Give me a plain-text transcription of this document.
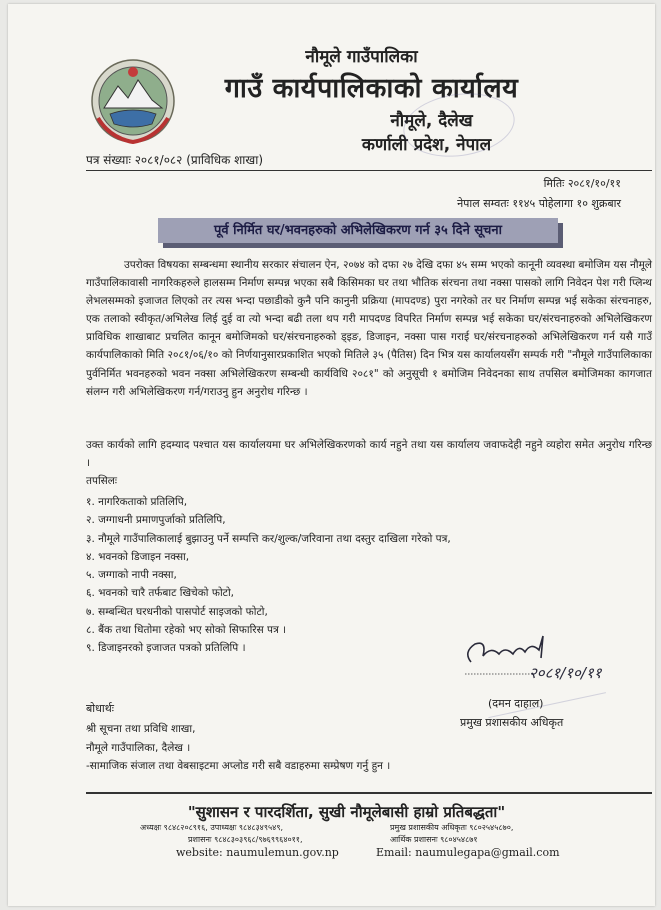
नौमूले गाउँपालिका
गाउँ कार्यपालिकाको कार्यालय
नौमूले, दैलेख
कर्णाली प्रदेश, नेपाल
पत्र संख्याः २०८१/०८२ (प्राविधिक शाखा)
मितिः २०८१/१०/११
नेपाल सम्वतः ११४५ पोहेलागा १० शुक्रबार
पूर्व निर्मित घर/भवनहरुको अभिलेखिकरण गर्न ३५ दिने सूचना
उपरोक्त विषयका सम्बन्धमा स्थानीय सरकार संचालन ऐन, २०७४ को दफा २७ देखि दफा ४५ सम्म भएको कानूनी व्यवस्था बमोजिम यस नौमूले गाउँपालिकावासी नागरिकहरुले हालसम्म निर्माण सम्पन्न भएका सबै किसिमका घर तथा भौतिक संरचना तथा नक्सा पासको लागि निवेदन पेश गरी प्लिन्थ लेभलसम्मको इजाजत लिएको तर त्यस भन्दा पछाडीको कुनै पनि कानुनी प्रक्रिया (मापदण्ड) पुरा नगरेको तर घर निर्माण सम्पन्न भई सकेका संरचनाहरु, एक तलाको स्वीकृत/अभिलेख लिई दुई वा त्यो भन्दा बढी तला थप गरी मापदण्ड विपरित निर्माण सम्पन्न भई सकेका घर/संरचनाहरुको अभिलेखिकरण प्राविधिक शाखाबाट प्रचलित कानून बमोजिमको घर/संरचनाहरुको ड्इङ, डिजाइन, नक्सा पास गराई घर/संरचनाहरुको अभिलेखिकरण गर्न यसै गाउँ कार्यपालिकाको मिति २०८१/०६/१० को निर्णयानुसारप्रकाशित भएको मितिले ३५ (पैतिस) दिन भित्र यस कार्यालयसँग सम्पर्क गरी "नौमूले गाउँपालिकाका पुर्वनिर्मित भवनहरुको भवन नक्सा अभिलेखिकरण सम्बन्धी कार्यविधि २०८१" को अनुसूची १ बमोजिम निवेदनका साथ तपसिल बमोजिमका कागजात संलग्न गरी अभिलेखिकरण गर्न/गराउनु हुन अनुरोध गरिन्छ ।
उक्त कार्यको लागि हदम्याद पश्चात यस कार्यालयमा घर अभिलेखिकरणको कार्य नहुने तथा यस कार्यालय जवाफदेही नहुने व्यहोरा समेत अनुरोध गरिन्छ ।
तपसिलः
१. नागरिकताको प्रतिलिपि,
२. जग्गाधनी प्रमाणपुर्जाको प्रतिलिपि,
३. नौमूले गाउँपालिकालाई बुझाउनु पर्ने सम्पत्ति कर/शुल्क/जरिवाना तथा दस्तुर दाखिला गरेको पत्र,
४. भवनको डिजाइन नक्सा,
५. जग्गाको नापी नक्सा,
६. भवनको चारै तर्फबाट खिचेको फोटो,
७. सम्बन्धित घरधनीको पासपोर्ट साइजको फोटो,
८. बैंक तथा धितोमा रहेको भए सोको सिफारिस पत्र ।
९. डिजाइनरको इजाजत पत्रको प्रतिलिपि ।
२०८१/१०/११
(दमन दाहाल)
प्रमुख प्रशासकीय अधिकृत
बोधार्थः
श्री सूचना तथा प्रविधि शाखा,
नौमूले गाउँपालिका, दैलेख ।
-सामाजिक संजाल तथा वेबसाइटमा अप्लोड गरी सबै वडाहरुमा सम्प्रेषण गर्नु हुन ।
"सुशासन र पारदर्शिता, सुखी नौमूलेबासी हाम्रो प्रतिबद्धता"
अध्यक्षः ९८४८२०८९१६, उपाध्यक्षः ९८४८३४९५४९,
प्रशासनः ९८४८३०३९६८/९७६९९६४०११,
प्रमुख प्रशासकीय अधिकृतः ९८०२५४५८७०,
आर्थिक प्रशासनः ९८०४५४८७१
website: naumulemun.gov.np	Email: naumulegapa@gmail.com
